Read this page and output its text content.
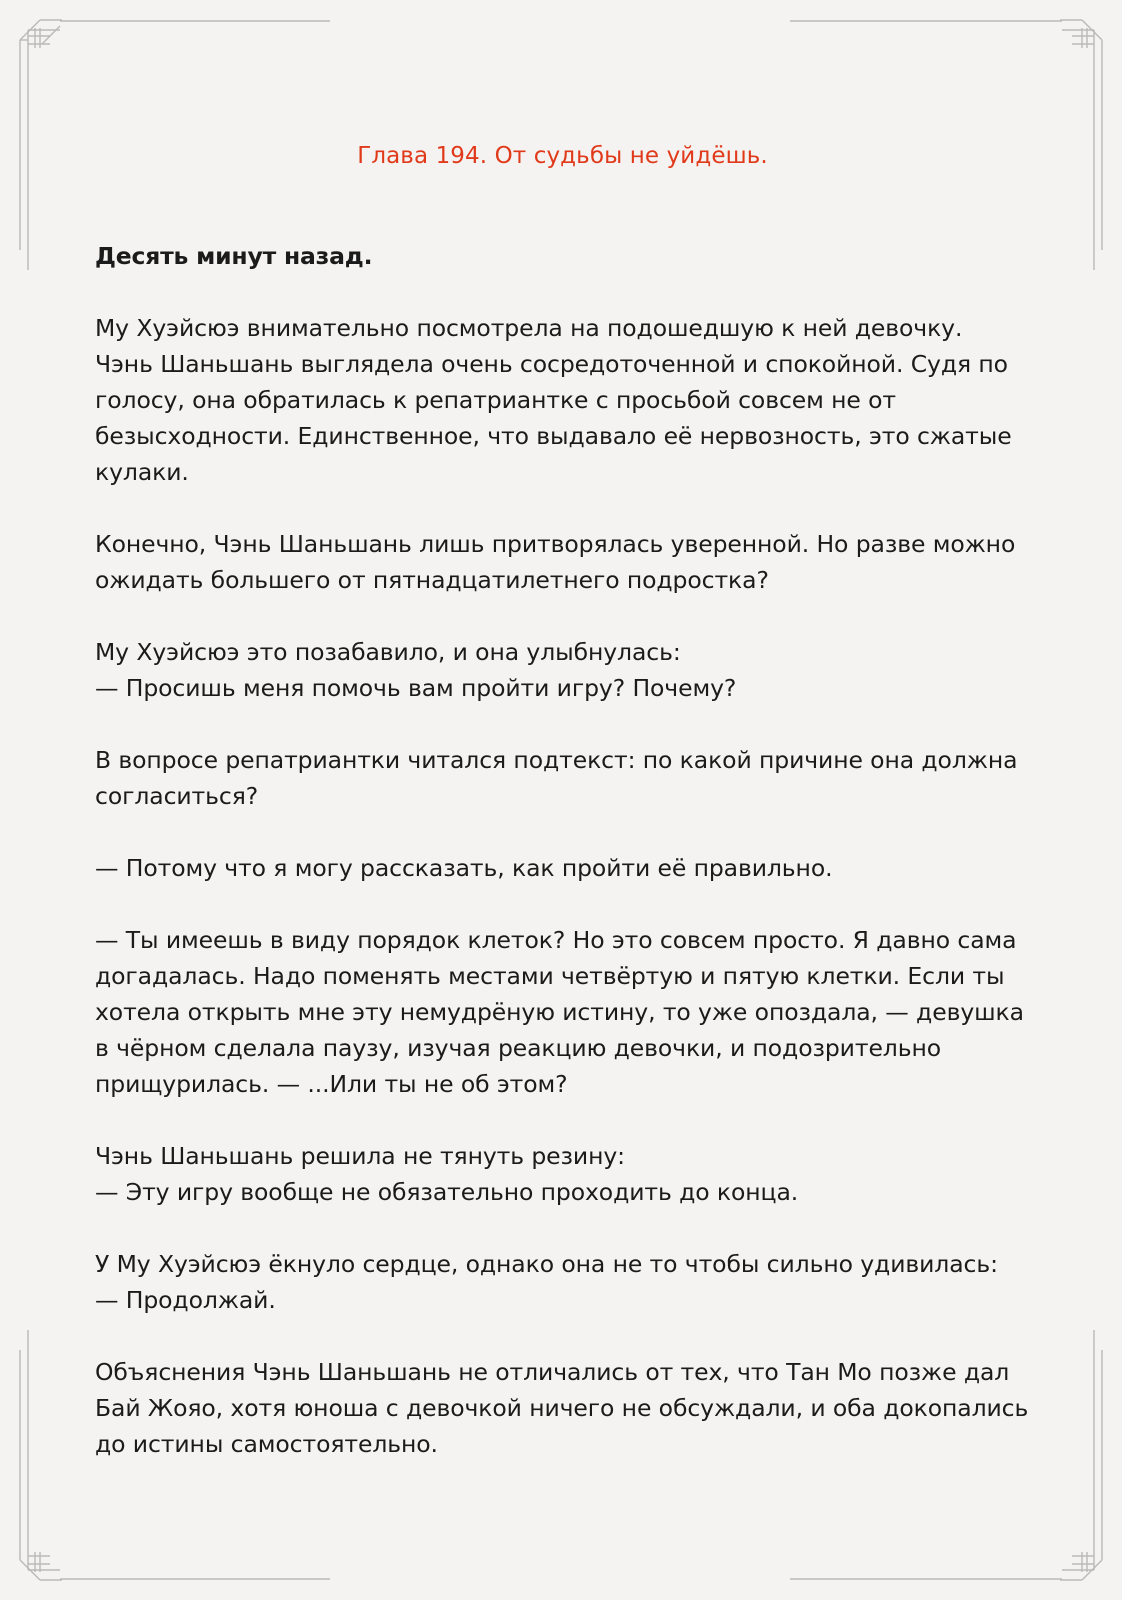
Глава 194. От судьбы не уйдёшь.
Десять минут назад.

Му Хуэйсюэ внимательно посмотрела на подошедшую к ней девочку.
Чэнь Шаньшань выглядела очень сосредоточенной и спокойной. Судя по
голосу, она обратилась к репатриантке с просьбой совсем не от
безысходности. Единственное, что выдавало её нервозность, это сжатые
кулаки.

Конечно, Чэнь Шаньшань лишь притворялась уверенной. Но разве можно
ожидать большего от пятнадцатилетнего подростка?

Му Хуэйсюэ это позабавило, и она улыбнулась:
— Просишь меня помочь вам пройти игру? Почему?

В вопросе репатриантки читался подтекст: по какой причине она должна
согласиться?

— Потому что я могу рассказать, как пройти её правильно.

— Ты имеешь в виду порядок клеток? Но это совсем просто. Я давно сама
догадалась. Надо поменять местами четвёртую и пятую клетки. Если ты
хотела открыть мне эту немудрёную истину, то уже опоздала, — девушка
в чёрном сделала паузу, изучая реакцию девочки, и подозрительно
прищурилась. — ...Или ты не об этом?

Чэнь Шаньшань решила не тянуть резину:
— Эту игру вообще не обязательно проходить до конца.

У Му Хуэйсюэ ёкнуло сердце, однако она не то чтобы сильно удивилась:
— Продолжай.

Объяснения Чэнь Шаньшань не отличались от тех, что Тан Мо позже дал
Бай Жояо, хотя юноша с девочкой ничего не обсуждали, и оба докопались
до истины самостоятельно.
